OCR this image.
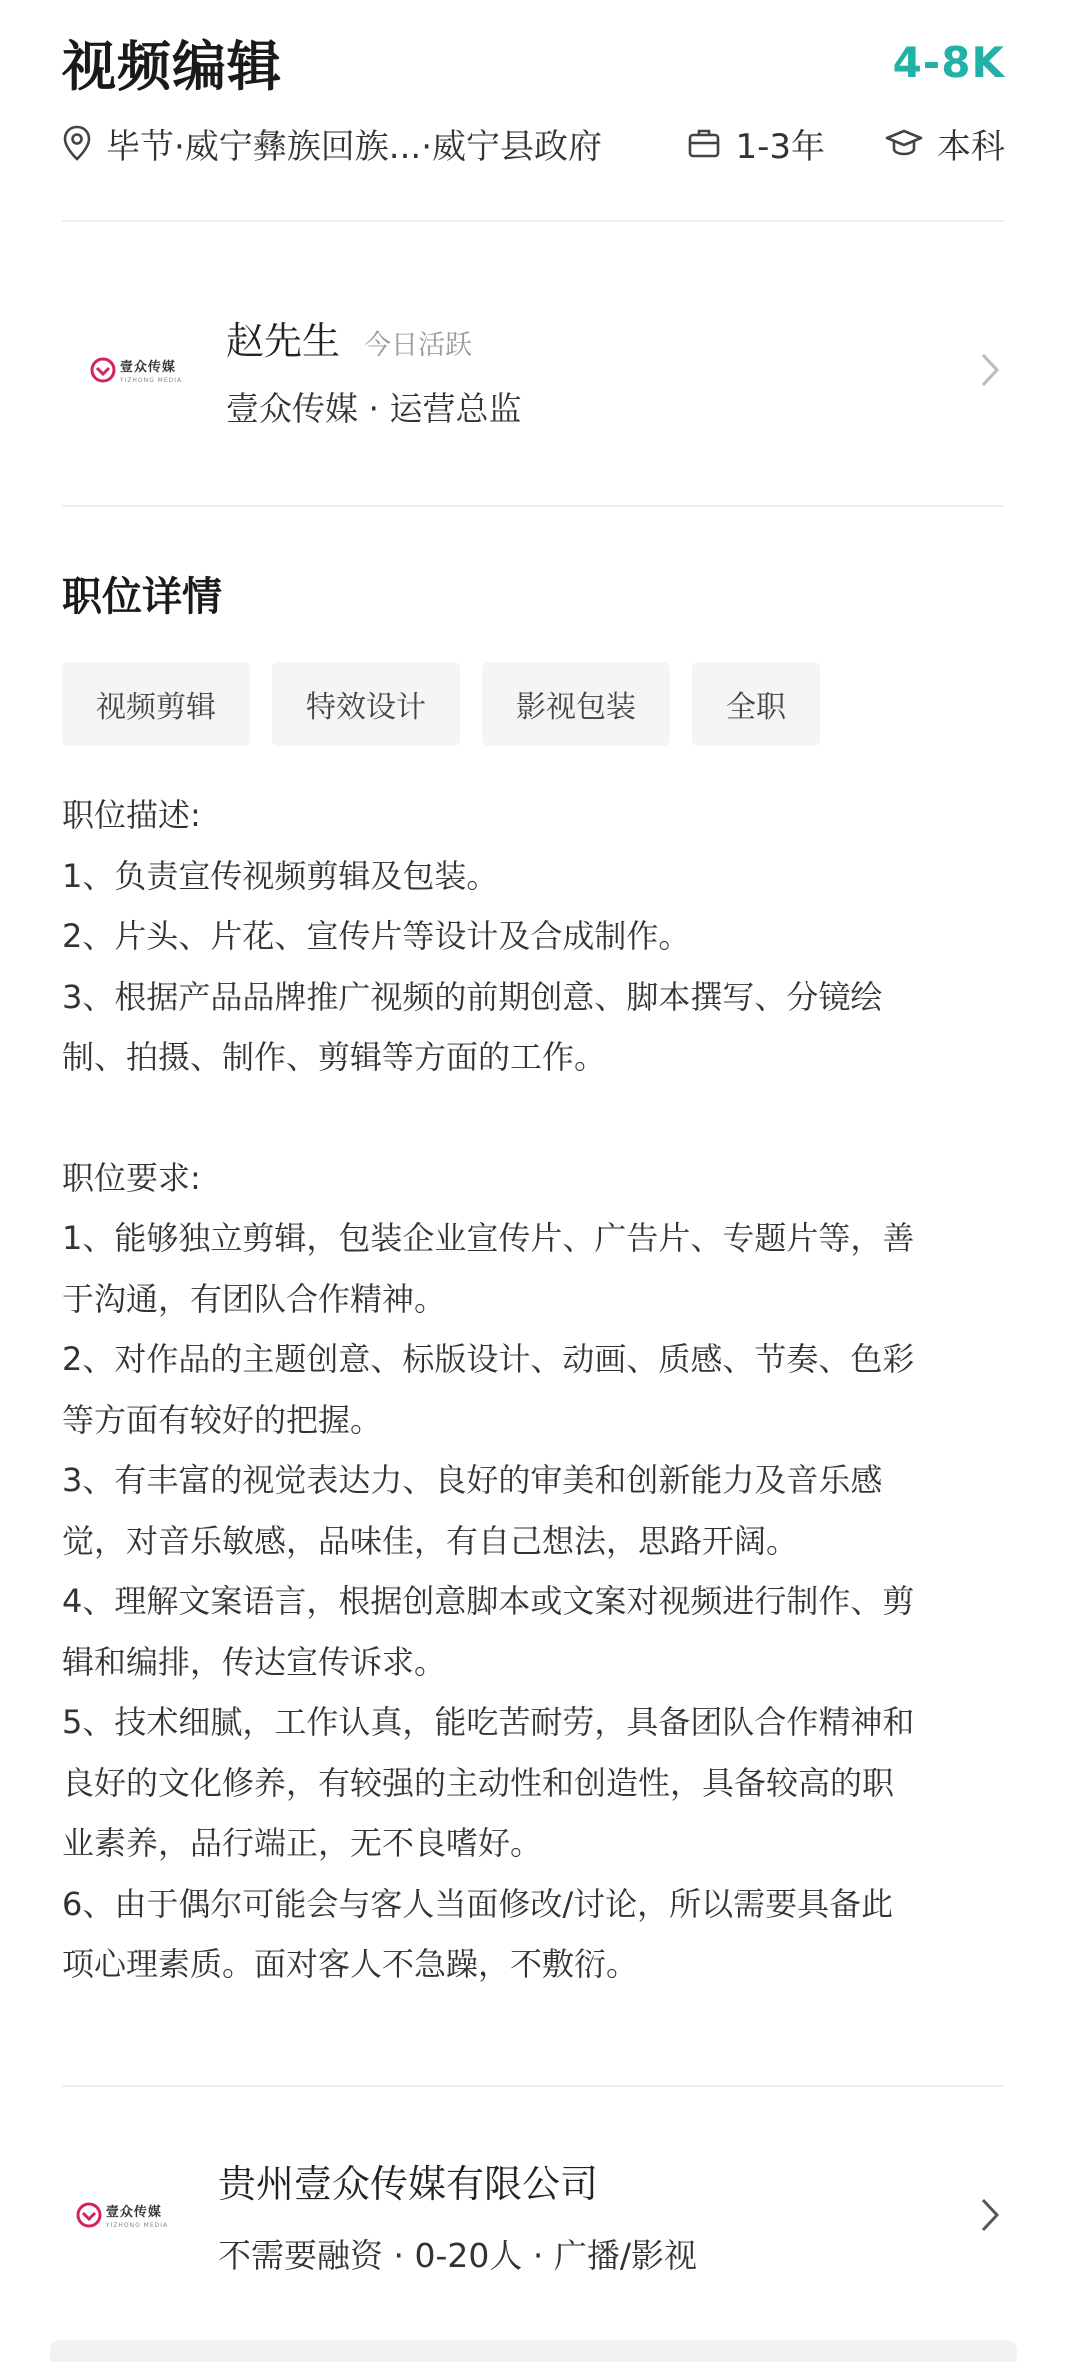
视频编辑	4-8K
毕节·威宁彝族回族...·威宁县政府	1-3年	本科
壹众传媒
YIZHONG MEDIA
赵先生 今日活跃
壹众传媒 · 运营总监
职位详情
视频剪辑	特效设计	影视包装	全职

职位描述:

1、负责宣传视频剪辑及包装。

2、片头、片花、宣传片等设计及合成制作。

3、根据产品品牌推广视频的前期创意、脚本撰写、分镜绘

制、拍摄、制作、剪辑等方面的工作。

职位要求:

1、能够独立剪辑，包装企业宣传片、广告片、专题片等，善

于沟通，有团队合作精神。

2、对作品的主题创意、标版设计、动画、质感、节奏、色彩

等方面有较好的把握。

3、有丰富的视觉表达力、良好的审美和创新能力及音乐感

觉，对音乐敏感，品味佳，有自己想法，思路开阔。

4、理解文案语言，根据创意脚本或文案对视频进行制作、剪

辑和编排，传达宣传诉求。

5、技术细腻，工作认真，能吃苦耐劳，具备团队合作精神和

良好的文化修养，有较强的主动性和创造性，具备较高的职

业素养，品行端正，无不良嗜好。

6、由于偶尔可能会与客人当面修改/讨论，所以需要具备此

项心理素质。面对客人不急躁，不敷衍。

壹众传媒
YIZHONG MEDIA
贵州壹众传媒有限公司
不需要融资 · 0-20人 · 广播/影视
